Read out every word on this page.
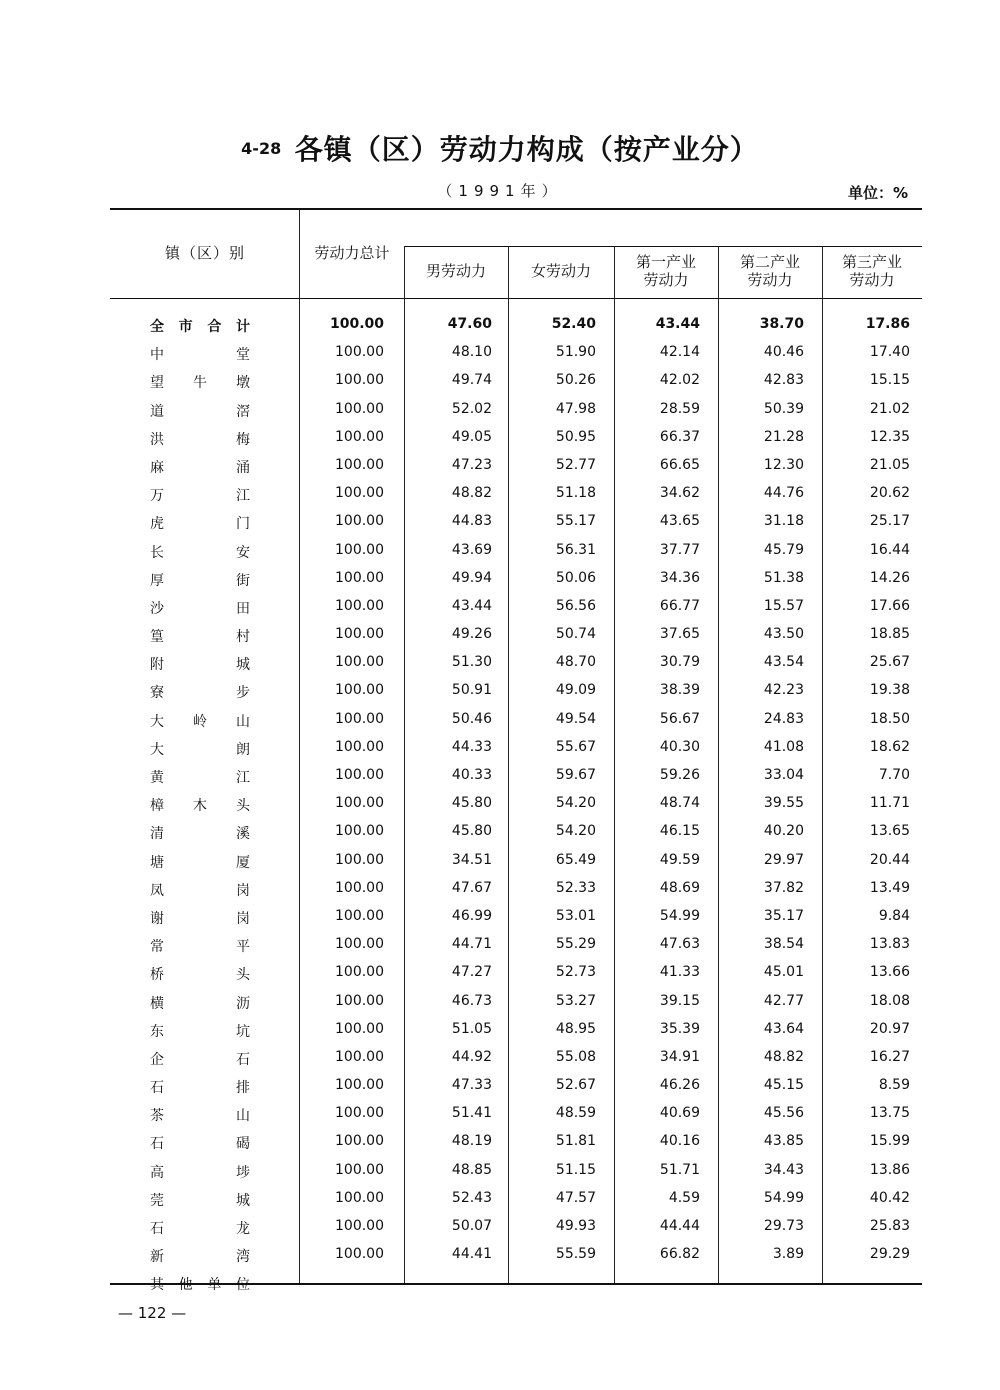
4-28 各镇（区）劳动力构成（按产业分）
（1991年）	单位：%
镇（区）别	劳动力总计
男劳动力	女劳动力	第一产业
劳动力
第二产业
劳动力
第三产业
劳动力
全市合计	100.00	47.60	52.40	43.44	38.70	17.86
中堂	100.00	48.10	51.90	42.14	40.46	17.40
望牛墩	100.00	49.74	50.26	42.02	42.83	15.15
道滘	100.00	52.02	47.98	28.59	50.39	21.02
洪梅	100.00	49.05	50.95	66.37	21.28	12.35
麻涌	100.00	47.23	52.77	66.65	12.30	21.05
万江	100.00	48.82	51.18	34.62	44.76	20.62
虎门	100.00	44.83	55.17	43.65	31.18	25.17
长安	100.00	43.69	56.31	37.77	45.79	16.44
厚街	100.00	49.94	50.06	34.36	51.38	14.26
沙田	100.00	43.44	56.56	66.77	15.57	17.66
篁村	100.00	49.26	50.74	37.65	43.50	18.85
附城	100.00	51.30	48.70	30.79	43.54	25.67
寮步	100.00	50.91	49.09	38.39	42.23	19.38
大岭山	100.00	50.46	49.54	56.67	24.83	18.50
大朗	100.00	44.33	55.67	40.30	41.08	18.62
黄江	100.00	40.33	59.67	59.26	33.04	7.70
樟木头	100.00	45.80	54.20	48.74	39.55	11.71
清溪	100.00	45.80	54.20	46.15	40.20	13.65
塘厦	100.00	34.51	65.49	49.59	29.97	20.44
凤岗	100.00	47.67	52.33	48.69	37.82	13.49
谢岗	100.00	46.99	53.01	54.99	35.17	9.84
常平	100.00	44.71	55.29	47.63	38.54	13.83
桥头	100.00	47.27	52.73	41.33	45.01	13.66
横沥	100.00	46.73	53.27	39.15	42.77	18.08
东坑	100.00	51.05	48.95	35.39	43.64	20.97
企石	100.00	44.92	55.08	34.91	48.82	16.27
石排	100.00	47.33	52.67	46.26	45.15	8.59
茶山	100.00	51.41	48.59	40.69	45.56	13.75
石碣	100.00	48.19	51.81	40.16	43.85	15.99
高埗	100.00	48.85	51.15	51.71	34.43	13.86
莞城	100.00	52.43	47.57	4.59	54.99	40.42
石龙	100.00	50.07	49.93	44.44	29.73	25.83
新湾	100.00	44.41	55.59	66.82	3.89	29.29
其他单位
— 122 —
